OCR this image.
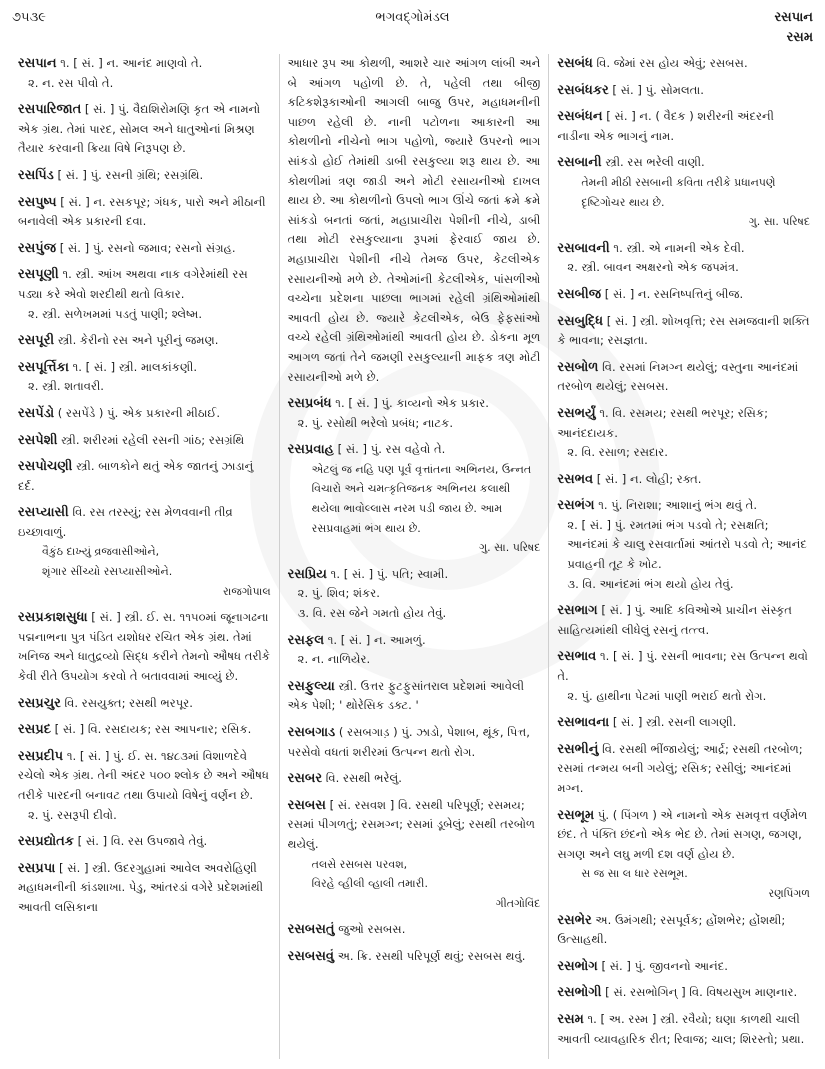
૭૫૩૯	ભગવદ્ગોમંડલ	રસપાન
રસમ

રસપાન ૧. [ સં. ] ન. આનંદ માણવો તે.

૨. ન. રસ પીવો તે.

રસપારિજાત [ સં. ] પું. વૈદ્યશિરોમણિ કૃત એ નામનો એક ગ્રંથ. તેમાં પારદ, સોમલ અને ધાતુઓનાં મિશ્રણ તૈયાર કરવાની ક્રિયા વિષે નિરૂપણ છે.

રસપિંડ [ સં. ] પું. રસની ગ્રંથિ; રસગ્રંથિ.

રસપુષ્પ [ સં. ] ન. રસકપૂર; ગંધક, પારો અને મીઠાની બનાવેલી એક પ્રકારની દવા.

રસપુંજ [ સં. ] પું. રસનો જમાવ; રસનો સંગ્રહ.

રસપૂણી ૧. સ્ત્રી. આંખ અથવા નાક વગેરેમાંથી રસ પડ્યા કરે એવો શરદીથી થતો વિકાર.

૨. સ્ત્રી. સળેખમમાં પડતું પાણી; શ્લેષ્મ.

રસપૂરી સ્ત્રી. કેરીનો રસ અને પૂરીનું જમણ.

રસપૂર્ત્તિકા ૧. [ સં. ] સ્ત્રી. માલકાંકણી.

૨. સ્ત્રી. શતાવરી.

રસપેંડો ( રસપેંડે ) પું. એક પ્રકારની મીઠાઈ.

રસપેશી સ્ત્રી. શરીરમાં રહેલી રસની ગાંઠ; રસગ્રંથિ

રસપોચણી સ્ત્રી. બાળકોને થતું એક જાતનું ઝાડાનું દર્દ.

રસપ્યાસી વિ. રસ તરસ્યું; રસ મેળવવાની તીવ્ર ઇચ્છાવાળું.

વૈકુંઠ દાખ્યું વ્રજવાસીઓને,

શૃંગાર સીંચ્યો રસપ્યાસીઓને.

રાજગોપાલ

રસપ્રકાશસુધા [ સં. ] સ્ત્રી. ઈ. સ. ૧૧૫૦માં જૂનાગઢના પદ્મનાભના પુત્ર પંડિત યશોધર રચિત એક ગ્રંથ. તેમાં ખનિજ અને ધાતુદ્રવ્યો સિદ્ધ કરીને તેમનો ઔષધ તરીકે કેવી રીતે ઉપયોગ કરવો તે બતાવવામાં આવ્યું છે.

રસપ્રચુર વિ. રસયુક્ત; રસથી ભરપૂર.

રસપ્રદ [ સં. ] વિ. રસદાયક; રસ આપનાર; રસિક.

રસપ્રદીપ ૧. [ સં. ] પું. ઈ. સ. ૧૪૮૩માં વિશાળદેવે રચેલો એક ગ્રંથ. તેની અંદર ૫૦૦ શ્લોક છે અને ઔષધ તરીકે પારદની બનાવટ તથા ઉપાયો વિષેનું વર્ણન છે.

૨. પું. રસરૂપી દીવો.

રસપ્રદ્યોતક [ સં. ] વિ. રસ ઉપજાવે તેવું.

રસપ્રપા [ સં. ] સ્ત્રી. ઉદરગુહામાં આવેલ અવરોહિણી મહાધમનીની કાંડશાખા. પેડુ, આંતરડાં વગેરે પ્રદેશમાંથી આવતી લસિકાના

આધાર રૂપ આ કોથળી, આશરે ચાર આંગળ લાંબી અને બે આંગળ પહોળી છે. તે, પહેલી તથા બીજી કટિકશેરૂકાઓની આગલી બાજુ ઉપર, મહાધમનીની પાછળ રહેલી છે. નાની પટોળના આકારની આ કોથળીનો નીચેનો ભાગ પહોળો, જ્યારે ઉપરનો ભાગ સાંકડો હોઈ તેમાંથી ડાબી રસકુલ્યા શરૂ થાય છે. આ કોથળીમાં ત્રણ જાડી અને મોટી રસાયનીઓ દાખલ થાય છે. આ કોથળીનો ઉપલો ભાગ ઊંચે જતાં ક્રમે ક્રમે સાંકડો બનતાં જતાં, મહાપ્રાચીરા પેશીની નીચે, ડાબી તથા મોટી રસકુલ્યાના રૂપમાં ફેરવાઈ જાય છે. મહાપ્રાચીરા પેશીની નીચે તેમજ ઉપર, કેટલીએક રસાયનીઓ મળે છે. તેઓમાંની કેટલીએક, પાંસળીઓ વચ્ચેના પ્રદેશના પાછલા ભાગમાં રહેલી ગ્રંથિઓમાંથી આવતી હોય છે. જ્યારે કેટલીએક, બેઉ ફેફસાંઓ વચ્ચે રહેલી ગ્રંથિઓમાંથી આવતી હોય છે. ડોકના મૂળ આગળ જતાં તેને જમણી રસકુલ્યાની માફક ત્રણ મોટી રસાયનીઓ મળે છે.

રસપ્રબંધ ૧. [ સં. ] પું. કાવ્યનો એક પ્રકાર.

૨. પું. રસોથી ભરેલો પ્રબંધ; નાટક.

રસપ્રવાહ [ સં. ] પું. રસ વહેવો તે.

એટલું જ નહિ પણ પૂર્વ વૃત્તાંતના અભિનય, ઉન્નત વિચારો અને ચમત્કૃતિજનક અભિનય કલાથી થયેલા ભાવોલ્લાસ નરમ પડી જાય છે. આમ રસપ્રવાહમાં ભંગ થાય છે.

ગુ. સા. પરિષદ

રસપ્રિય ૧. [ સં. ] પું. પતિ; સ્વામી.

૨. પું. શિવ; શંકર.

૩. વિ. રસ જેને ગમતો હોય તેવું.

રસફલ ૧. [ સં. ] ન. આમળું.

૨. ન. નાળિયેર.

રસફુલ્યા સ્ત્રી. ઉત્તર ફુટફુસાંતરાલ પ્રદેશમાં આવેલી એક પેશી; ' થોરેસિક ડક્ટ. '

રસબગાડ ( રસબગાડ઼ ) પું. ઝાડો, પેશાબ, થૂંક, પિત્ત, પરસેવો વધતાં શરીરમાં ઉત્પન્ન થતો રોગ.

રસબર વિ. રસથી ભરેલું.

રસબસ [ સં. રસવશ ] વિ. રસથી પરિપૂર્ણ; રસમય; રસમાં પીગળતું; રસમગ્ન; રસમાં ડૂબેલું; રસથી તરબોળ થયેલું.

તલસે રસબસ પરવશ,

વિરહે વ્હીલી વ્હાલી તમારી.

ગીતગોવિંદ

રસબસતું જુઓ રસબસ.

રસબસવું અ. ક્રિ. રસથી પરિપૂર્ણ થવું; રસબસ થવું.

રસબંધ વિ. જેમાં રસ હોય એવું; રસબસ.

રસબંધકર [ સં. ] પું. સોમલતા.

રસબંધન [ સં. ] ન. ( વૈદક ) શરીરની અંદરની નાડીના એક ભાગનું નામ.

રસબાની સ્ત્રી. રસ ભરેલી વાણી.

તેમની મીઠી રસબાની કવિતા તરીકે પ્રધાનપણે દૃષ્ટિગોચર થાય છે.

ગુ. સા. પરિષદ

રસબાવની ૧. સ્ત્રી. એ નામની એક દેવી.

૨. સ્ત્રી. બાવન અક્ષરનો એક જપમંત્ર.

રસબીજ [ સં. ] ન. રસનિષ્પત્તિનું બીજ.

રસબુદ્ધિ [ સં. ] સ્ત્રી. શોખવૃત્તિ; રસ સમજવાની શક્તિ કે ભાવના; રસજ્ઞતા.

રસબોળ વિ. રસમાં નિમગ્ન થયેલું; વસ્તુના આનંદમાં તરબોળ થયેલું; રસબસ.

રસભર્યું ૧. વિ. રસમય; રસથી ભરપૂર; રસિક; આનંદદાયક.

૨. વિ. રસાળ; રસદાર.

રસભવ [ સં. ] ન. લોહી; રક્ત.

રસભંગ ૧. પું. નિરાશા; આશાનું ભંગ થવું તે.

૨. [ સં. ] પું. રમતમાં ભંગ પડવો તે; રસક્ષતિ; આનંદમાં કે ચાલુ રસવાર્તામાં આંતરો પડવો તે; આનંદ પ્રવાહની તૂટ કે ખોટ.

૩. વિ. આનંદમાં ભંગ થયો હોય તેવું.

રસભાગ [ સં. ] પું. આદિ કવિઓએ પ્રાચીન સંસ્કૃત સાહિત્યમાંથી લીધેલું રસનું તત્ત્વ.

રસભાવ ૧. [ સં. ] પું. રસની ભાવના; રસ ઉત્પન્ન થવો તે.

૨. પું. હાથીના પેટમાં પાણી ભરાઈ થતો રોગ.

રસભાવના [ સં. ] સ્ત્રી. રસની લાગણી.

રસભીનું વિ. રસથી ભીંજાયેલું; આર્દ્ર; રસથી તરબોળ; રસમાં તન્મય બની ગયેલું; રસિક; રસીલું; આનંદમાં મગ્ન.

રસભૂમ પું. ( પિંગળ ) એ નામનો એક સમવૃત્ત વર્ણમેળ છંદ. તે પંક્તિ છંદનો એક ભેદ છે. તેમાં સગણ, જગણ, સગણ અને લઘુ મળી દશ વર્ણ હોય છે.

સ જ સા લ ધાર રસભૂમ.

રણપિંગળ

રસભેર અ. ઉમંગથી; રસપૂર્વક; હોંશભેર; હોંશથી; ઉત્સાહથી.

રસભોગ [ સં. ] પું. જીવનનો આનંદ.

રસભોગી [ સં. રસભોગિન્ ] વિ. વિષયસુખ માણનાર.

રસમ ૧. [ અ. રસ્મ ] સ્ત્રી. રવૈયો; ઘણા કાળથી ચાલી આવતી વ્યાવહારિક રીત; રિવાજ; ચાલ; શિરસ્તો; પ્રથા.
